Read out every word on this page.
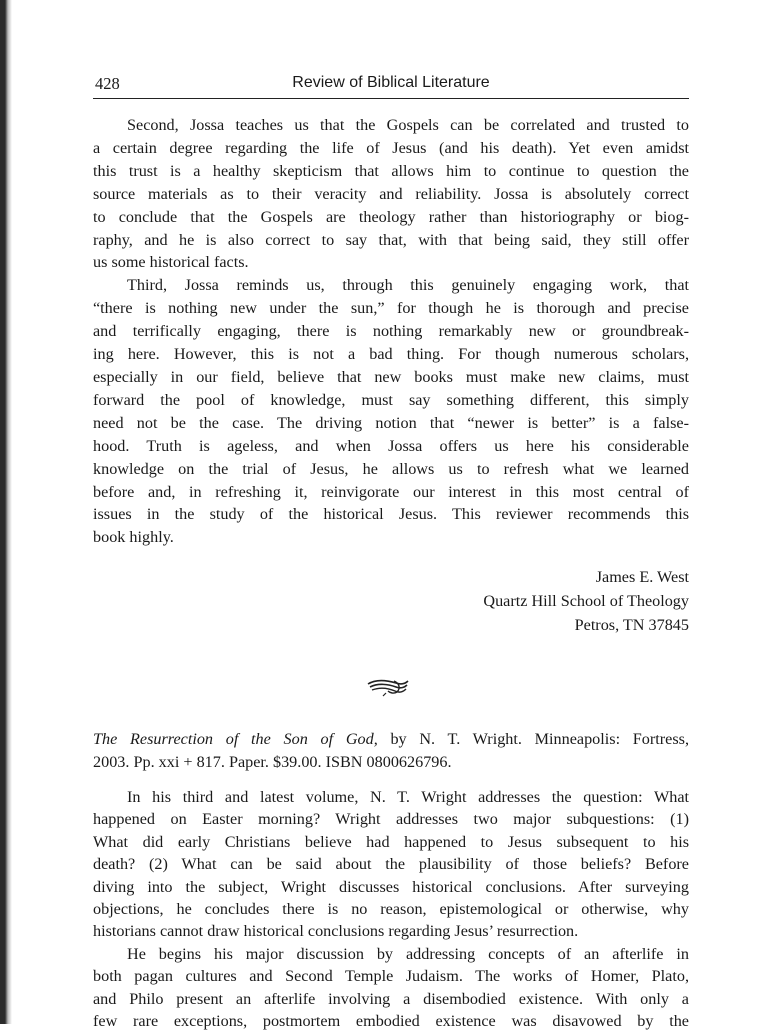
428	Review of Biblical Literature
Second, Jossa teaches us that the Gospels can be correlated and trusted to
a certain degree regarding the life of Jesus (and his death). Yet even amidst
this trust is a healthy skepticism that allows him to continue to question the
source materials as to their veracity and reliability. Jossa is absolutely correct
to conclude that the Gospels are theology rather than historiography or biog-
raphy, and he is also correct to say that, with that being said, they still offer
us some historical facts.
Third, Jossa reminds us, through this genuinely engaging work, that
“there is nothing new under the sun,” for though he is thorough and precise
and terrifically engaging, there is nothing remarkably new or groundbreak-
ing here. However, this is not a bad thing. For though numerous scholars,
especially in our field, believe that new books must make new claims, must
forward the pool of knowledge, must say something different, this simply
need not be the case. The driving notion that “newer is better” is a false-
hood. Truth is ageless, and when Jossa offers us here his considerable
knowledge on the trial of Jesus, he allows us to refresh what we learned
before and, in refreshing it, reinvigorate our interest in this most central of
issues in the study of the historical Jesus. This reviewer recommends this
book highly.
James E. West
Quartz Hill School of Theology
Petros, TN 37845
The Resurrection of the Son of God, by N. T. Wright. Minneapolis: Fortress,
2003. Pp. xxi + 817. Paper. $39.00. ISBN 0800626796.
In his third and latest volume, N. T. Wright addresses the question: What
happened on Easter morning? Wright addresses two major subquestions: (1)
What did early Christians believe had happened to Jesus subsequent to his
death? (2) What can be said about the plausibility of those beliefs? Before
diving into the subject, Wright discusses historical conclusions. After surveying
objections, he concludes there is no reason, epistemological or otherwise, why
historians cannot draw historical conclusions regarding Jesus’ resurrection.
He begins his major discussion by addressing concepts of an afterlife in
both pagan cultures and Second Temple Judaism. The works of Homer, Plato,
and Philo present an afterlife involving a disembodied existence. With only a
few rare exceptions, postmortem embodied existence was disavowed by the
